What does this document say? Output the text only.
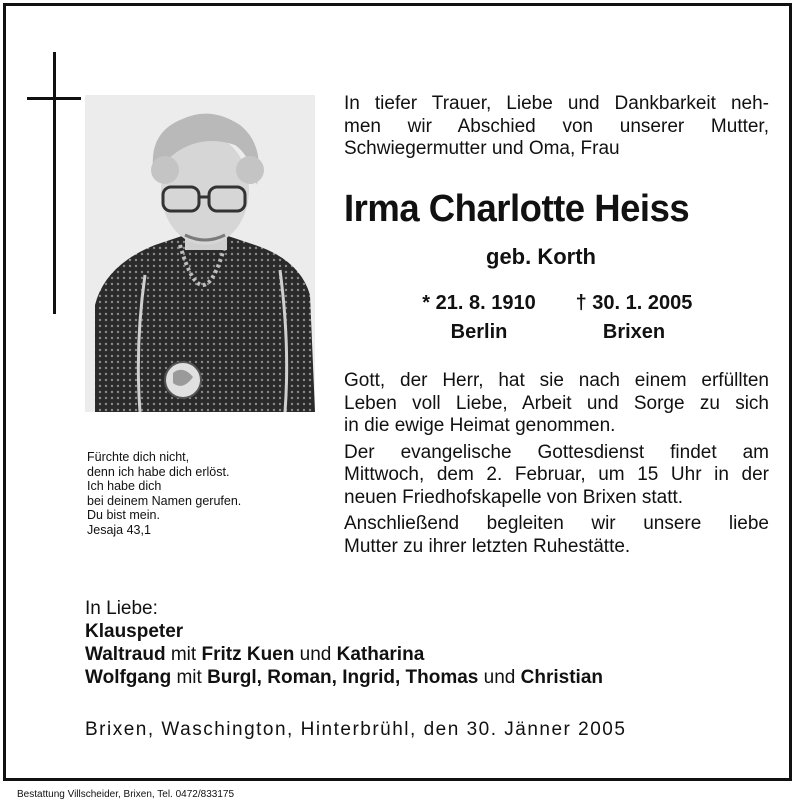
Fürchte dich nicht,
denn ich habe dich erlöst.
Ich habe dich
bei deinem Namen gerufen.
Du bist mein.
Jesaja 43,1
In tiefer Trauer, Liebe und Dankbarkeit neh-
men wir Abschied von unserer Mutter,
Schwiegermutter und Oma, Frau
Irma Charlotte Heiss
geb. Korth
* 21. 8. 1910
Berlin
† 30. 1. 2005
Brixen
Gott, der Herr, hat sie nach einem erfüllten
Leben voll Liebe, Arbeit und Sorge zu sich
in die ewige Heimat genommen.
Der evangelische Gottesdienst findet am
Mittwoch, dem 2. Februar, um 15 Uhr in der
neuen Friedhofskapelle von Brixen statt.
Anschließend begleiten wir unsere liebe
Mutter zu ihrer letzten Ruhestätte.
In Liebe:
Klauspeter
Waltraud mit Fritz Kuen und Katharina
Wolfgang mit Burgl, Roman, Ingrid, Thomas und Christian
Brixen, Waschington, Hinterbrühl, den 30. Jänner 2005
Bestattung Villscheider, Brixen, Tel. 0472/833175
